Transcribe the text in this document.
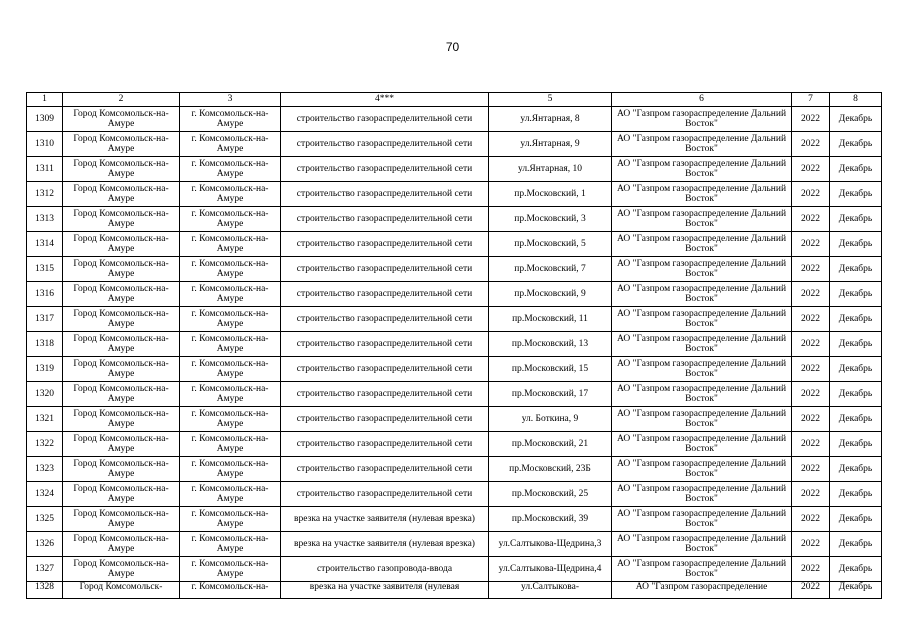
70
1	2	3	4***	5	6	7	8
1309	Город Комсомольск-на-Амуре	г. Комсомольск-на-Амуре	строительство газораспределительной сети	ул.Янтарная, 8	АО "Газпром газораспределение Дальний Восток"	2022	Декабрь
1310	Город Комсомольск-на-Амуре	г. Комсомольск-на-Амуре	строительство газораспределительной сети	ул.Янтарная, 9	АО "Газпром газораспределение Дальний Восток"	2022	Декабрь
1311	Город Комсомольск-на-Амуре	г. Комсомольск-на-Амуре	строительство газораспределительной сети	ул.Янтарная, 10	АО "Газпром газораспределение Дальний Восток"	2022	Декабрь
1312	Город Комсомольск-на-Амуре	г. Комсомольск-на-Амуре	строительство газораспределительной сети	пр.Московский, 1	АО "Газпром газораспределение Дальний Восток"	2022	Декабрь
1313	Город Комсомольск-на-Амуре	г. Комсомольск-на-Амуре	строительство газораспределительной сети	пр.Московский, 3	АО "Газпром газораспределение Дальний Восток"	2022	Декабрь
1314	Город Комсомольск-на-Амуре	г. Комсомольск-на-Амуре	строительство газораспределительной сети	пр.Московский, 5	АО "Газпром газораспределение Дальний Восток"	2022	Декабрь
1315	Город Комсомольск-на-Амуре	г. Комсомольск-на-Амуре	строительство газораспределительной сети	пр.Московский, 7	АО "Газпром газораспределение Дальний Восток"	2022	Декабрь
1316	Город Комсомольск-на-Амуре	г. Комсомольск-на-Амуре	строительство газораспределительной сети	пр.Московский, 9	АО "Газпром газораспределение Дальний Восток"	2022	Декабрь
1317	Город Комсомольск-на-Амуре	г. Комсомольск-на-Амуре	строительство газораспределительной сети	пр.Московский, 11	АО "Газпром газораспределение Дальний Восток"	2022	Декабрь
1318	Город Комсомольск-на-Амуре	г. Комсомольск-на-Амуре	строительство газораспределительной сети	пр.Московский, 13	АО "Газпром газораспределение Дальний Восток"	2022	Декабрь
1319	Город Комсомольск-на-Амуре	г. Комсомольск-на-Амуре	строительство газораспределительной сети	пр.Московский, 15	АО "Газпром газораспределение Дальний Восток"	2022	Декабрь
1320	Город Комсомольск-на-Амуре	г. Комсомольск-на-Амуре	строительство газораспределительной сети	пр.Московский, 17	АО "Газпром газораспределение Дальний Восток"	2022	Декабрь
1321	Город Комсомольск-на-Амуре	г. Комсомольск-на-Амуре	строительство газораспределительной сети	ул. Боткина, 9	АО "Газпром газораспределение Дальний Восток"	2022	Декабрь
1322	Город Комсомольск-на-Амуре	г. Комсомольск-на-Амуре	строительство газораспределительной сети	пр.Московский, 21	АО "Газпром газораспределение Дальний Восток"	2022	Декабрь
1323	Город Комсомольск-на-Амуре	г. Комсомольск-на-Амуре	строительство газораспределительной сети	пр.Московский, 23Б	АО "Газпром газораспределение Дальний Восток"	2022	Декабрь
1324	Город Комсомольск-на-Амуре	г. Комсомольск-на-Амуре	строительство газораспределительной сети	пр.Московский, 25	АО "Газпром газораспределение Дальний Восток"	2022	Декабрь
1325	Город Комсомольск-на-Амуре	г. Комсомольск-на-Амуре	врезка на участке заявителя (нулевая врезка)	пр.Московский, 39	АО "Газпром газораспределение Дальний Восток"	2022	Декабрь
1326	Город Комсомольск-на-Амуре	г. Комсомольск-на-Амуре	врезка на участке заявителя (нулевая врезка)	ул.Салтыкова-Щедрина,3	АО "Газпром газораспределение Дальний Восток"	2022	Декабрь
1327	Город Комсомольск-на-Амуре	г. Комсомольск-на-Амуре	строительство газопровода-ввода	ул.Салтыкова-Щедрина,4	АО "Газпром газораспределение Дальний Восток"	2022	Декабрь
1328	Город Комсомольск-	г. Комсомольск-на-	врезка на участке заявителя (нулевая	ул.Салтыкова-	АО "Газпром газораспределение	2022	Декабрь
